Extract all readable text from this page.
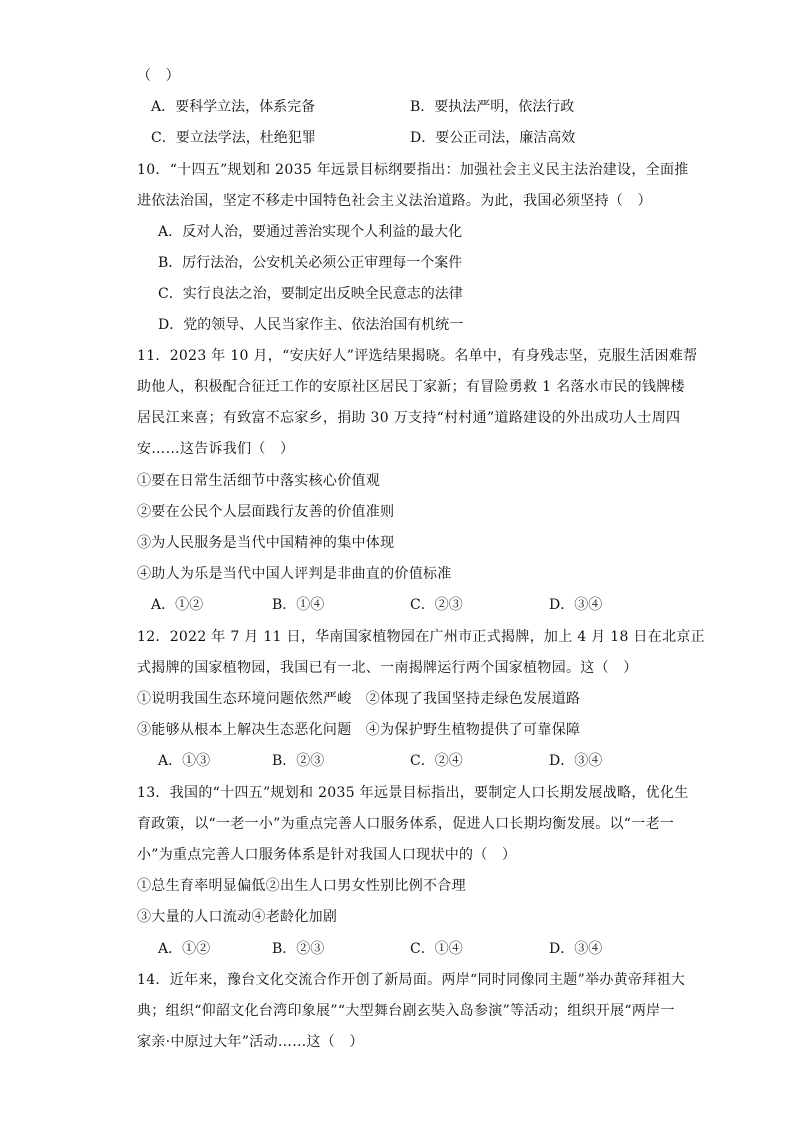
（　）
A．要科学立法，体系完备	B．要执法严明，依法行政
C．要立法学法，杜绝犯罪	D．要公正司法，廉洁高效
10．“十四五”规划和 2035 年远景目标纲要指出：加强社会主义民主法治建设，全面推
进依法治国，坚定不移走中国特色社会主义法治道路。为此，我国必须坚持（　）
A．反对人治，要通过善治实现个人利益的最大化
B．厉行法治，公安机关必须公正审理每一个案件
C．实行良法之治，要制定出反映全民意志的法律
D．党的领导、人民当家作主、依法治国有机统一
11．2023 年 10 月，“安庆好人”评选结果揭晓。名单中，有身残志坚，克服生活困难帮
助他人，积极配合征迁工作的安原社区居民丁家新；有冒险勇救 1 名落水市民的钱牌楼
居民江来喜；有致富不忘家乡，捐助 30 万支持“村村通”道路建设的外出成功人士周四
安……这告诉我们（　）
①要在日常生活细节中落实核心价值观
②要在公民个人层面践行友善的价值准则
③为人民服务是当代中国精神的集中体现
④助人为乐是当代中国人评判是非曲直的价值标准
A．①②	B．①④	C．②③	D．③④
12．2022 年 7 月 11 日，华南国家植物园在广州市正式揭牌，加上 4 月 18 日在北京正
式揭牌的国家植物园，我国已有一北、一南揭牌运行两个国家植物园。这（　）
①说明我国生态环境问题依然严峻　②体现了我国坚持走绿色发展道路
③能够从根本上解决生态恶化问题　④为保护野生植物提供了可靠保障
A．①③	B．②③	C．②④	D．③④
13．我国的“十四五”规划和 2035 年远景目标指出，要制定人口长期发展战略，优化生
育政策，以“一老一小”为重点完善人口服务体系，促进人口长期均衡发展。以“一老一
小”为重点完善人口服务体系是针对我国人口现状中的（　）
①总生育率明显偏低②出生人口男女性别比例不合理
③大量的人口流动④老龄化加剧
A．①②	B．②③	C．①④	D．③④
14．近年来，豫台文化交流合作开创了新局面。两岸“同时同像同主题”举办黄帝拜祖大
典；组织“仰韶文化台湾印象展”“大型舞台剧玄奘入岛参演”等活动；组织开展“两岸一
家亲·中原过大年”活动……这（　）
